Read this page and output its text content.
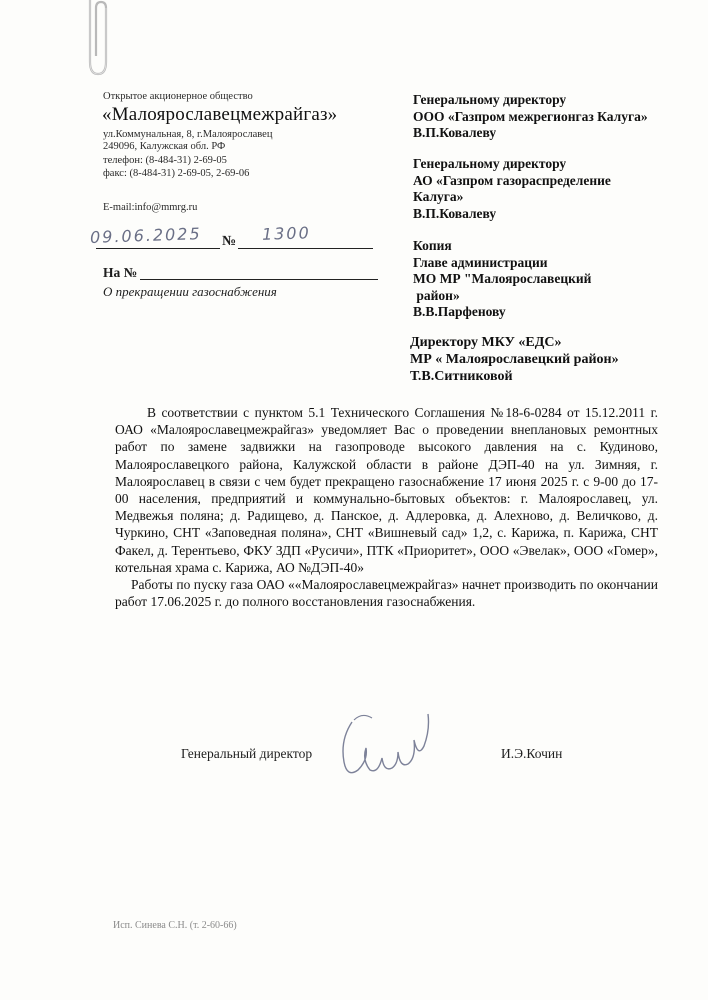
Открытое акционерное общество
«Малоярославецмежрайгаз»
ул.Коммунальная, 8, г.Малоярославец
249096, Калужская обл. РФ
телефон: (8-484-31) 2-69-05
факс: (8-484-31) 2-69-05, 2-69-06
E-mail:info@mmrg.ru
09.06.2025 № 1300
На №
О прекращении газоснабжения
Генеральному директору
ООО «Газпром межрегионгаз Калуга»
В.П.Ковалеву
Генеральному директору
АО «Газпром газораспределение
Калуга»
В.П.Ковалеву
Копия
Главе администрации
МО МР "Малоярославецкий
район»
В.В.Парфенову
Директору МКУ «ЕДС»
МР « Малоярославецкий район»
Т.В.Ситниковой
В соответствии с пунктом 5.1 Технического Соглашения №18-6-0284 от 15.12.2011 г. ОАО «Малоярославецмежрайгаз» уведомляет Вас о проведении внеплановых ремонтных работ по замене задвижки на газопроводе высокого давления на с. Кудиново, Малоярославецкого района, Калужской области в районе ДЭП-40 на ул. Зимняя, г. Малоярославец в связи с чем будет прекращено газоснабжение 17 июня 2025 г. с 9-00 до 17-00 населения, предприятий и коммунально-бытовых объектов: г. Малоярославец, ул. Медвежья поляна; д. Радищево, д. Панское, д. Адлеровка, д. Алехново, д. Величково, д. Чуркино, СНТ «Заповедная поляна», СНТ «Вишневый сад» 1,2, с. Карижа, п. Карижа, СНТ Факел, д. Терентьево, ФКУ ЗДП «Русичи», ПТК «Приоритет», ООО «Эвелак», ООО «Гомер», котельная храма с. Карижа, АО №ДЭП-40»
Работы по пуску газа ОАО ««Малоярославецмежрайгаз» начнет производить по окончании работ 17.06.2025 г. до полного восстановления газоснабжения.
Генеральный директор	И.Э.Кочин
Исп. Синева С.Н. (т. 2-60-66)
